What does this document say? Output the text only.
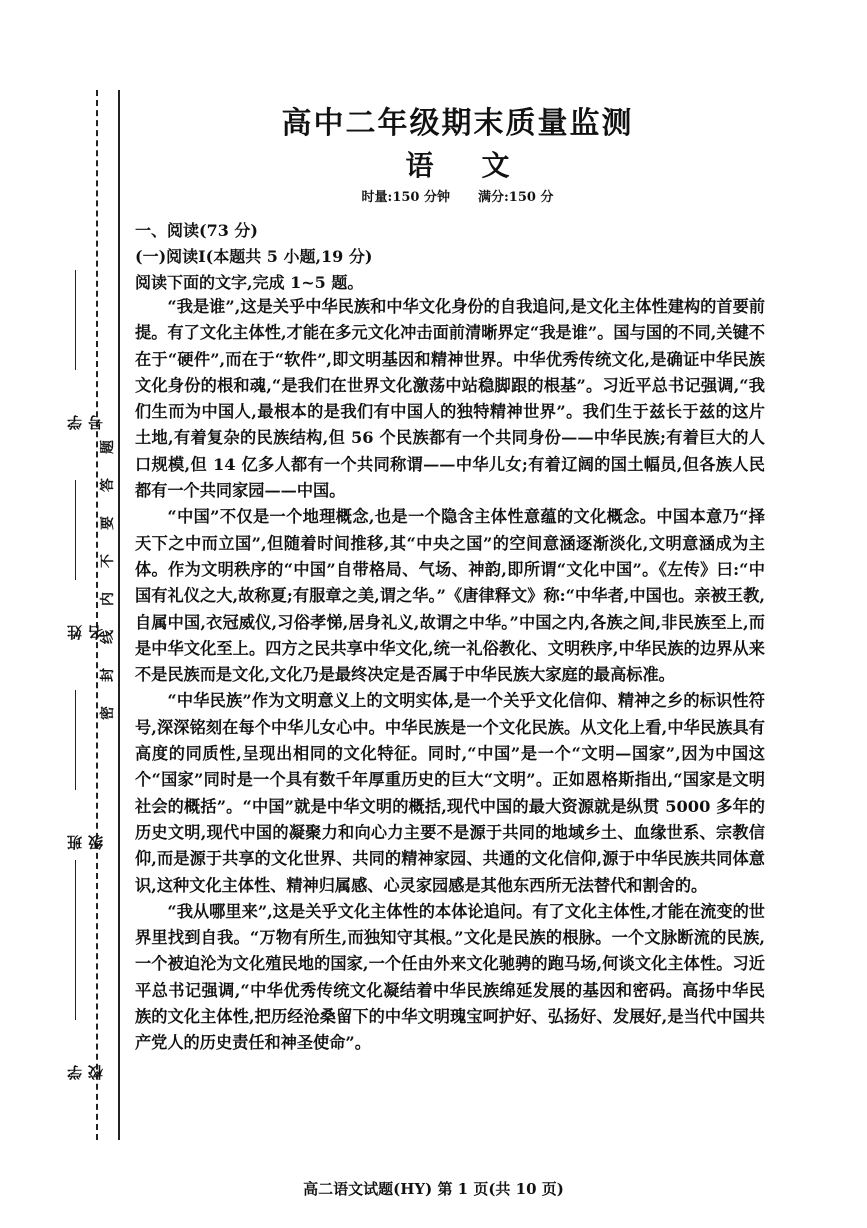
学号
姓名
班级
学校
题
答
要
不
内
线
封
密
高中二年级期末质量监测
语 文
时量:150 分钟 满分:150 分
一、阅读(73 分)
(一)阅读Ⅰ(本题共 5 小题,19 分)
阅读下面的文字,完成 1~5 题。

“我是谁”,这是关乎中华民族和中华文化身份的自我追问,是文化主体性建构的首要前提。有了文化主体性,才能在多元文化冲击面前清晰界定“我是谁”。国与国的不同,关键不在于“硬件”,而在于“软件”,即文明基因和精神世界。中华优秀传统文化,是确证中华民族文化身份的根和魂,“是我们在世界文化激荡中站稳脚跟的根基”。习近平总书记强调,“我们生而为中国人,最根本的是我们有中国人的独特精神世界”。我们生于兹长于兹的这片土地,有着复杂的民族结构,但 56 个民族都有一个共同身份——中华民族;有着巨大的人口规模,但 14 亿多人都有一个共同称谓——中华儿女;有着辽阔的国土幅员,但各族人民都有一个共同家园——中国。

“中国”不仅是一个地理概念,也是一个隐含主体性意蕴的文化概念。中国本意乃“择天下之中而立国”,但随着时间推移,其“中央之国”的空间意涵逐渐淡化,文明意涵成为主体。作为文明秩序的“中国”自带格局、气场、神韵,即所谓“文化中国”。《左传》曰:“中国有礼仪之大,故称夏;有服章之美,谓之华。”《唐律释文》称:“中华者,中国也。亲被王教,自属中国,衣冠威仪,习俗孝悌,居身礼义,故谓之中华。”中国之内,各族之间,非民族至上,而是中华文化至上。四方之民共享中华文化,统一礼俗教化、文明秩序,中华民族的边界从来不是民族而是文化,文化乃是最终决定是否属于中华民族大家庭的最高标准。

“中华民族”作为文明意义上的文明实体,是一个关乎文化信仰、精神之乡的标识性符号,深深铭刻在每个中华儿女心中。中华民族是一个文化民族。从文化上看,中华民族具有高度的同质性,呈现出相同的文化特征。同时,“中国”是一个“文明—国家”,因为中国这个“国家”同时是一个具有数千年厚重历史的巨大“文明”。正如恩格斯指出,“国家是文明社会的概括”。“中国”就是中华文明的概括,现代中国的最大资源就是纵贯 5000 多年的历史文明,现代中国的凝聚力和向心力主要不是源于共同的地域乡土、血缘世系、宗教信仰,而是源于共享的文化世界、共同的精神家园、共通的文化信仰,源于中华民族共同体意识,这种文化主体性、精神归属感、心灵家园感是其他东西所无法替代和割舍的。

“我从哪里来”,这是关乎文化主体性的本体论追问。有了文化主体性,才能在流变的世界里找到自我。“万物有所生,而独知守其根。”文化是民族的根脉。一个文脉断流的民族,一个被迫沦为文化殖民地的国家,一个任由外来文化驰骋的跑马场,何谈文化主体性。习近平总书记强调,“中华优秀传统文化凝结着中华民族绵延发展的基因和密码。高扬中华民族的文化主体性,把历经沧桑留下的中华文明瑰宝呵护好、弘扬好、发展好,是当代中国共产党人的历史责任和神圣使命”。

高二语文试题(HY) 第 1 页(共 10 页)
